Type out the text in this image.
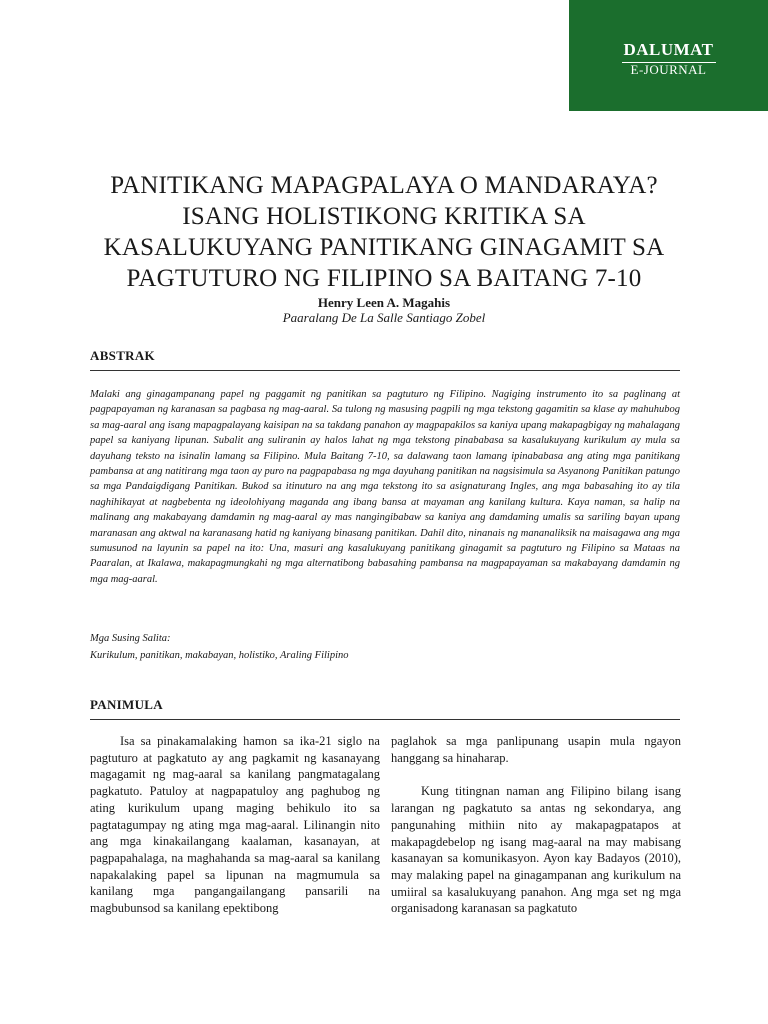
DALUMAT
E-JOURNAL
PANITIKANG MAPAGPALAYA O MANDARAYA?
ISANG HOLISTIKONG KRITIKA SA
KASALUKUYANG PANITIKANG GINAGAMIT SA
PAGTUTURO NG FILIPINO SA BAITANG 7-10
Henry Leen A. Magahis
Paaralang De La Salle Santiago Zobel
ABSTRAK
Malaki ang ginagampanang papel ng paggamit ng panitikan sa pagtuturo ng Filipino. Nagiging instrumento ito sa paglinang at pagpapayaman ng karanasan sa pagbasa ng mag-aaral. Sa tulong ng masusing pagpili ng mga tekstong gagamitin sa klase ay mahuhubog sa mag-aaral ang isang mapagpalayang kaisipan na sa takdang panahon ay magpapakilos sa kaniya upang makapagbigay ng mahalagang papel sa kaniyang lipunan. Subalit ang suliranin ay halos lahat ng mga tekstong pinababasa sa kasalukuyang kurikulum ay mula sa dayuhang teksto na isinalin lamang sa Filipino. Mula Baitang 7-10, sa dalawang taon lamang ipinababasa ang ating mga panitikang pambansa at ang natitirang mga taon ay puro na pagpapabasa ng mga dayuhang panitikan na nagsisimula sa Asyanong Panitikan patungo sa mga Pandaigdigang Panitikan. Bukod sa itinuturo na ang mga tekstong ito sa asignaturang Ingles, ang mga babasahing ito ay tila naghihikayat at nagbebenta ng ideolohiyang maganda ang ibang bansa at mayaman ang kanilang kultura. Kaya naman, sa halip na malinang ang makabayang damdamin ng mag-aaral ay mas nangingibabaw sa kaniya ang damdaming umalis sa sariling bayan upang maranasan ang aktwal na karanasang hatid ng kaniyang binasang panitikan. Dahil dito, ninanais ng mananaliksik na maisagawa ang mga sumusunod na layunin sa papel na ito: Una, masuri ang kasalukuyang panitikang ginagamit sa pagtuturo ng Filipino sa Mataas na Paaralan, at Ikalawa, makapagmungkahi ng mga alternatibong babasahing pambansa na magpapayaman sa makabayang damdamin ng mga mag-aaral.
Mga Susing Salita:
Kurikulum, panitikan, makabayan, holistiko, Araling Filipino
PANIMULA

Isa sa pinakamalaking hamon sa ika-21 siglo na pagtuturo at pagkatuto ay ang pagkamit ng kasanayang magagamit ng mag-aaral sa kanilang pangmatagalang pagkatuto. Patuloy at nagpapatuloy ang paghubog ng ating kurikulum upang maging behikulo ito sa pagtatagumpay ng ating mga mag-aaral. Lilinangin nito ang mga kinakailangang kaalaman, kasanayan, at pagpapahalaga, na maghahanda sa mag-aaral sa kanilang napakalaking papel sa lipunan na magmumula sa kanilang mga pangangailangang pansarili na magbubunsod sa kanilang epektibong

paglahok sa mga panlipunang usapin mula ngayon hanggang sa hinaharap.

Kung titingnan naman ang Filipino bilang isang larangan ng pagkatuto sa antas ng sekondarya, ang pangunahing mithiin nito ay makapagpatapos at makapagdebelop ng isang mag-aaral na may mabisang kasanayan sa komunikasyon. Ayon kay Badayos (2010), may malaking papel na ginagampanan ang kurikulum na umiiral sa kasalukuyang panahon. Ang mga set ng mga organisadong karanasan sa pagkatuto
